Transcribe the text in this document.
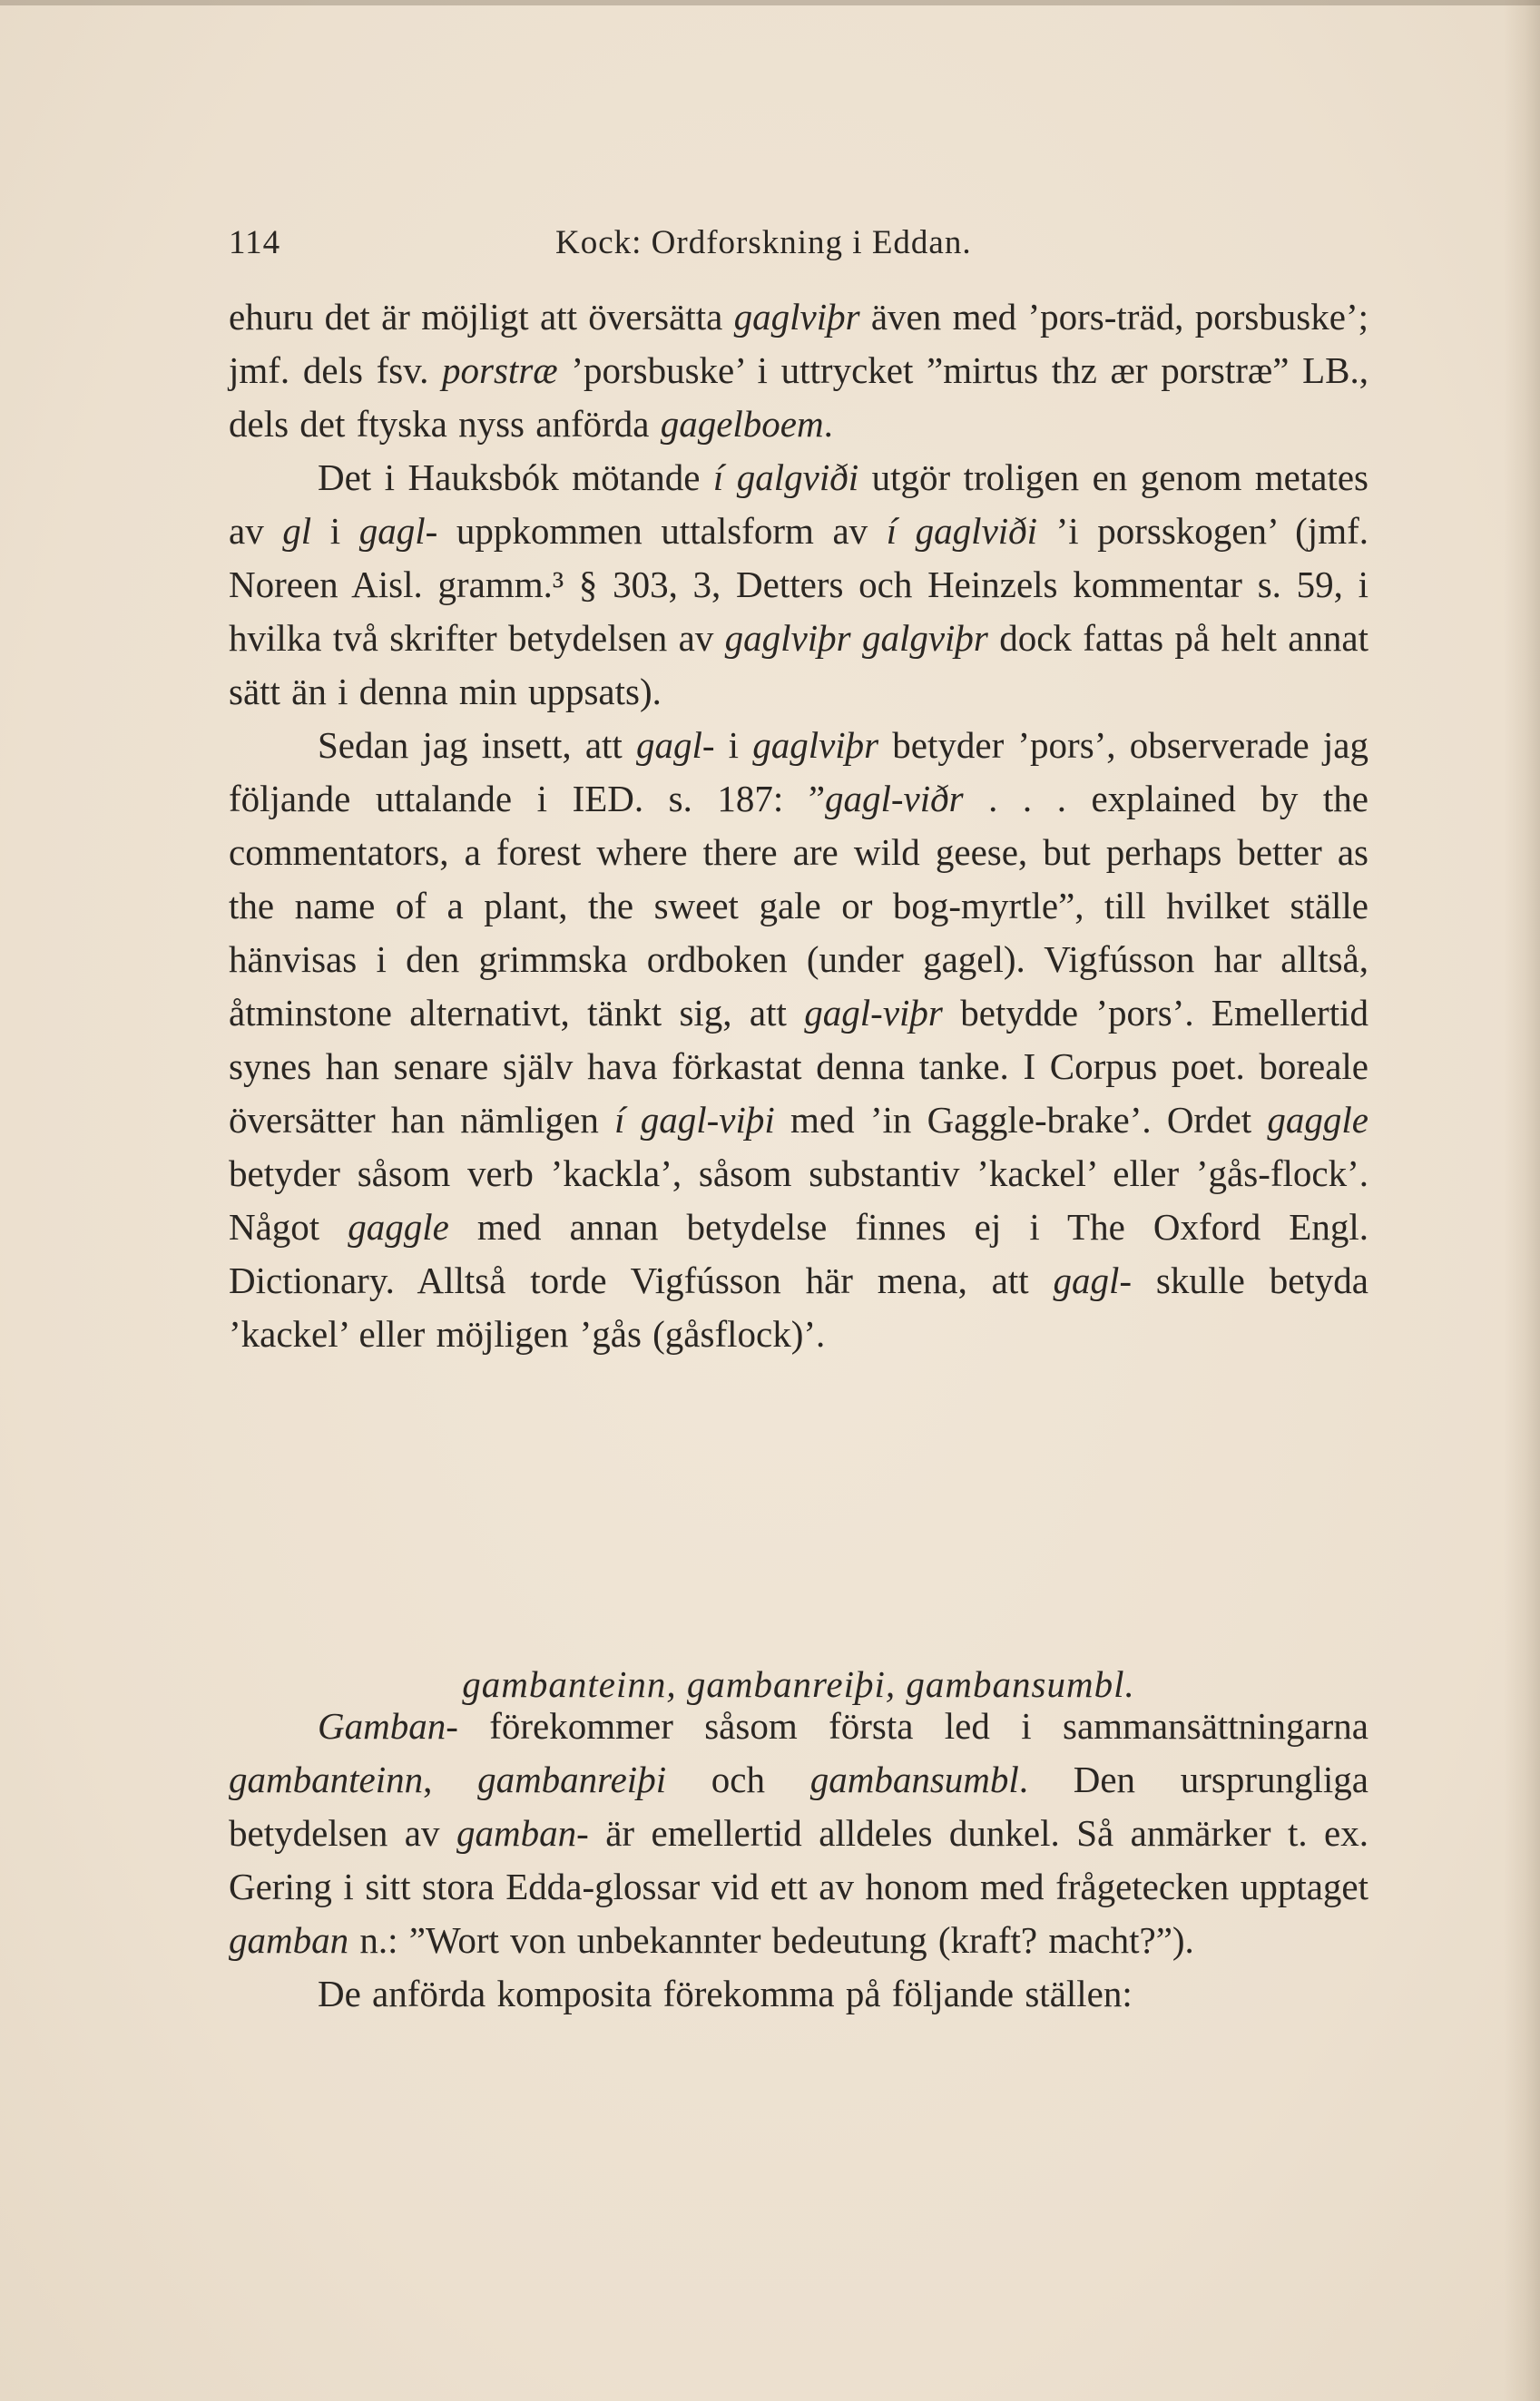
114	Kock: Ordforskning i Eddan.

ehuru det är möjligt att översätta gaglviþr även med ’pors-träd, porsbuske’; jmf. dels fsv. porstræ ’porsbuske’ i uttrycket ”mirtus thz ær porstræ” LB., dels det ftyska nyss anförda gagelboem.

Det i Hauksbók mötande í galgviði utgör troligen en genom metates av gl i gagl- uppkommen uttalsform av í gaglviði ’i porsskogen’ (jmf. Noreen Aisl. gramm.³ § 303, 3, Detters och Heinzels kommentar s. 59, i hvilka två skrifter betydelsen av gaglviþr galgviþr dock fattas på helt annat sätt än i denna min uppsats).

Sedan jag insett, att gagl- i gaglviþr betyder ’pors’, observerade jag följande uttalande i IED. s. 187: ”gagl-viðr . . . explained by the commentators, a forest where there are wild geese, but perhaps better as the name of a plant, the sweet gale or bog-myrtle”, till hvilket ställe hänvisas i den grimmska ordboken (under gagel). Vigfússon har alltså, åtminstone alternativt, tänkt sig, att gagl-viþr betydde ’pors’. Emellertid synes han senare själv hava förkastat denna tanke. I Corpus poet. boreale översätter han nämligen í gagl-viþi med ’in Gaggle-brake’. Ordet gaggle betyder såsom verb ’kackla’, såsom substantiv ’kackel’ eller ’gås-flock’. Något gaggle med annan betydelse finnes ej i The Oxford Engl. Dictionary. Alltså torde Vigfússon här mena, att gagl- skulle betyda ’kackel’ eller möjligen ’gås (gåsflock)’.

gambanteinn, gambanreiþi, gambansumbl.

Gamban- förekommer såsom första led i sammansättningarna gambanteinn, gambanreiþi och gambansumbl. Den ursprungliga betydelsen av gamban- är emellertid alldeles dunkel. Så anmärker t. ex. Gering i sitt stora Edda-glossar vid ett av honom med frågetecken upptaget gamban n.: ”Wort von unbekannter bedeutung (kraft? macht?”).

De anförda komposita förekomma på följande ställen:
